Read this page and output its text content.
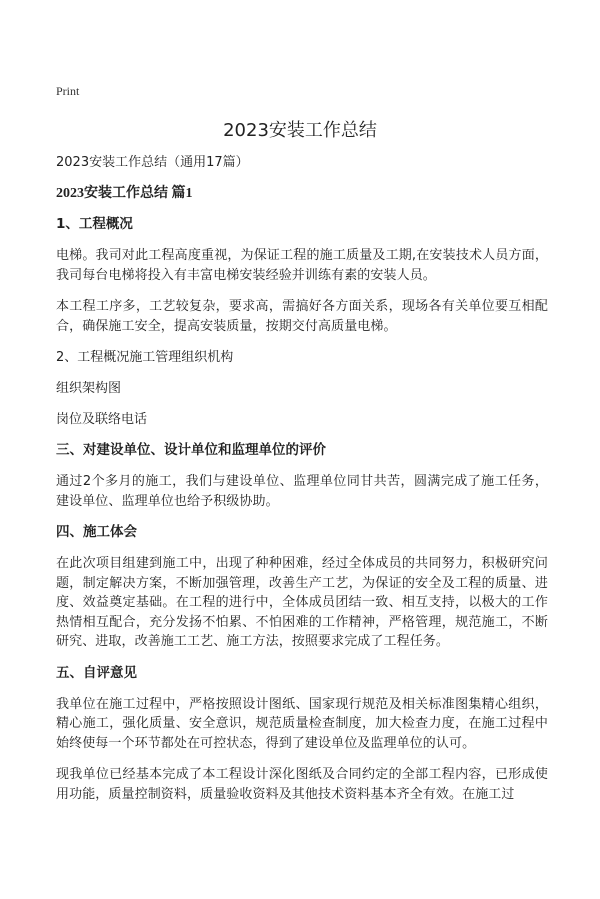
Print
2023安装工作总结

2023安装工作总结（通用17篇）

2023安装工作总结 篇1

1、工程概况

电梯。我司对此工程高度重视，为保证工程的施工质量及工期,在安装技术人员方面，我司每台电梯将投入有丰富电梯安装经验并训练有素的安装人员。

本工程工序多，工艺较复杂，要求高，需搞好各方面关系，现场各有关单位要互相配合，确保施工安全，提高安装质量，按期交付高质量电梯。

2、工程概况施工管理组织机构

组织架构图

岗位及联络电话

三、对建设单位、设计单位和监理单位的评价

通过2个多月的施工，我们与建设单位、监理单位同甘共苦，圆满完成了施工任务，建设单位、监理单位也给予积级协助。

四、施工体会

在此次项目组建到施工中，出现了种种困难，经过全体成员的共同努力，积极研究问题，制定解决方案，不断加强管理，改善生产工艺，为保证的安全及工程的质量、进度、效益奠定基础。在工程的进行中，全体成员团结一致、相互支持，以极大的工作热情相互配合，充分发扬不怕累、不怕困难的工作精神，严格管理，规范施工，不断研究、进取，改善施工工艺、施工方法，按照要求完成了工程任务。

五、自评意见

我单位在施工过程中，严格按照设计图纸、国家现行规范及相关标准图集精心组织，精心施工，强化质量、安全意识，规范质量检查制度，加大检查力度，在施工过程中始终使每一个环节都处在可控状态，得到了建设单位及监理单位的认可。

现我单位已经基本完成了本工程设计深化图纸及合同约定的全部工程内容，已形成使用功能，质量控制资料，质量验收资料及其他技术资料基本齐全有效。在施工过
